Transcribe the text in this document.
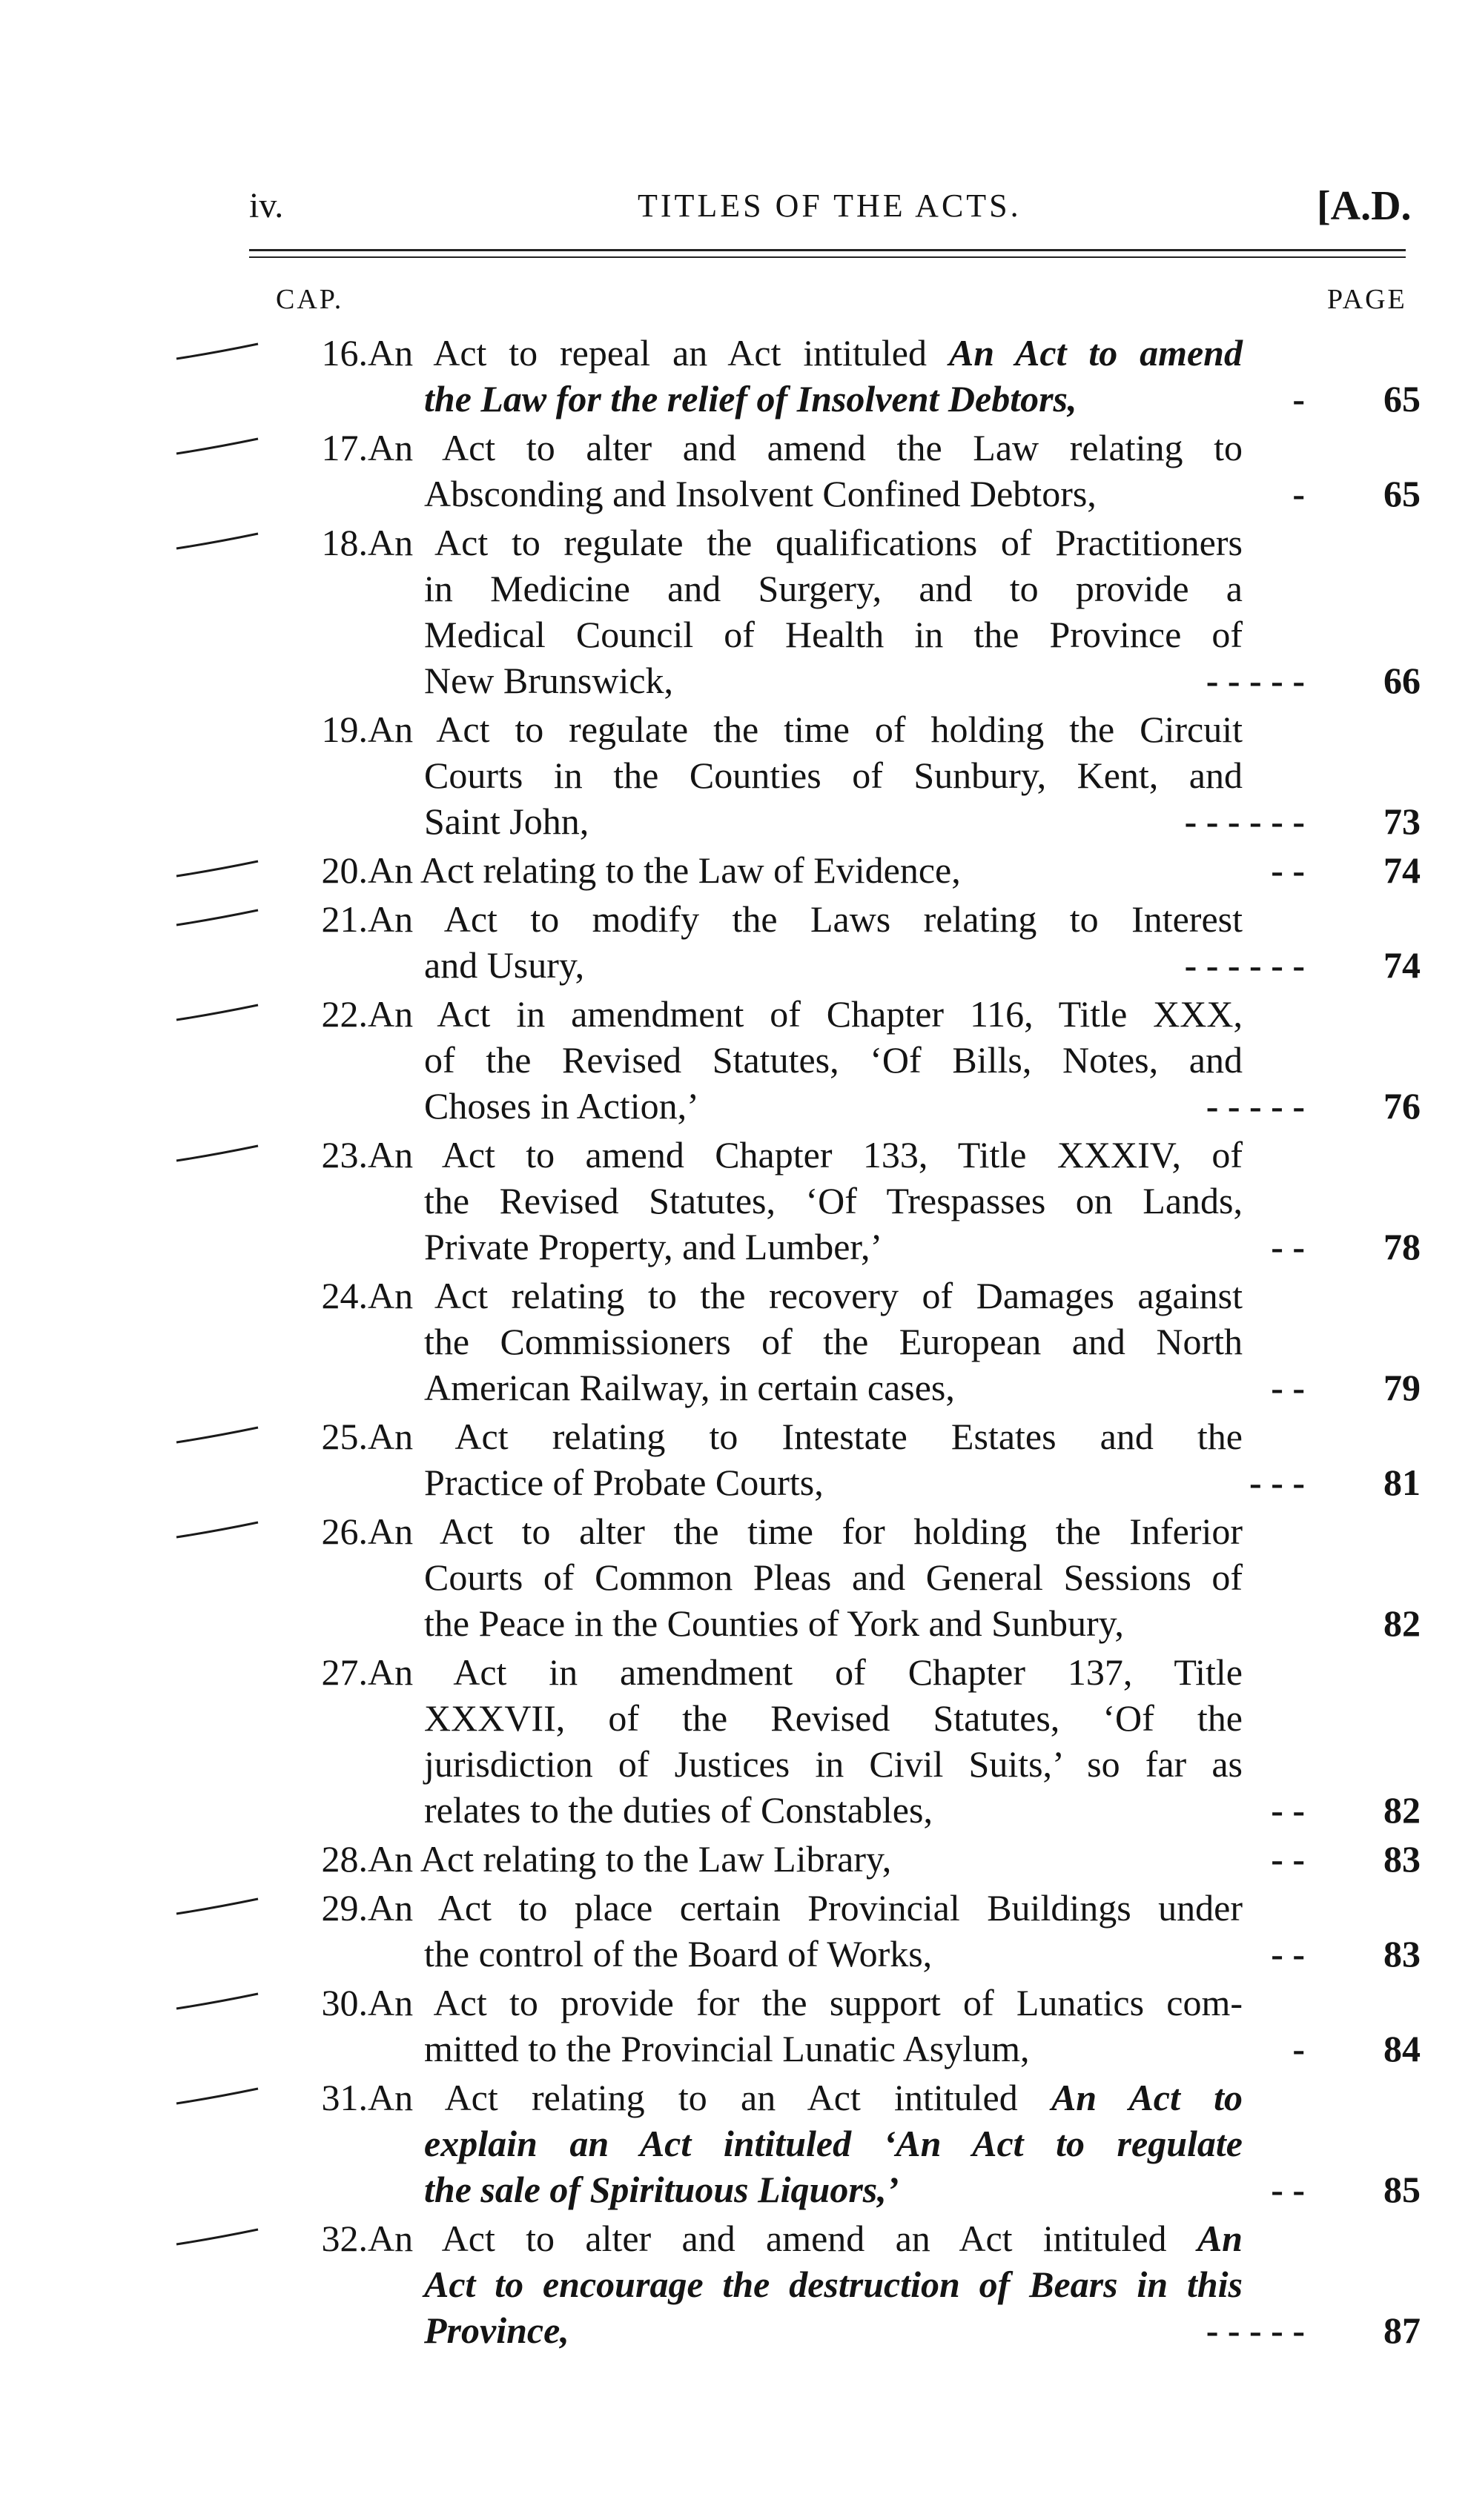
iv.	TITLES OF THE ACTS.	[A.D.
CAP.	PAGE
16. An Act to repeal an Act intituled An Act to amend
the Law for the relief of Insolvent Debtors,	-	65
17. An Act to alter and amend the Law relating to
Absconding and Insolvent Confined Debtors,	-	65
18. An Act to regulate the qualifications of Practitioners
in Medicine and Surgery, and to provide a
Medical Council of Health in the Province of
New Brunswick,	- - - - -	66
19. An Act to regulate the time of holding the Circuit
Courts in the Counties of Sunbury, Kent, and
Saint John,	- - - - - -	73
20. An Act relating to the Law of Evidence,	- -	74
21. An Act to modify the Laws relating to Interest
and Usury,	- - - - - -	74
22. An Act in amendment of Chapter 116, Title XXX,
of the Revised Statutes, ‘Of Bills, Notes, and
Choses in Action,’	- - - - -	76
23. An Act to amend Chapter 133, Title XXXIV, of
the Revised Statutes, ‘Of Trespasses on Lands,
Private Property, and Lumber,’	- -	78
24. An Act relating to the recovery of Damages against
the Commissioners of the European and North
American Railway, in certain cases,	- -	79
25. An Act relating to Intestate Estates and the
Practice of Probate Courts,	- - -	81
26. An Act to alter the time for holding the Inferior
Courts of Common Pleas and General Sessions of
the Peace in the Counties of York and Sunbury,	82
27. An Act in amendment of Chapter 137, Title
XXXVII, of the Revised Statutes, ‘Of the
jurisdiction of Justices in Civil Suits,’ so far as
relates to the duties of Constables,	- -	82
28. An Act relating to the Law Library,	- -	83
29. An Act to place certain Provincial Buildings under
the control of the Board of Works,	- -	83
30. An Act to provide for the support of Lunatics com-
mitted to the Provincial Lunatic Asylum,	-	84
31. An Act relating to an Act intituled An Act to
explain an Act intituled ‘An Act to regulate
the sale of Spirituous Liquors,’	- -	85
32. An Act to alter and amend an Act intituled An
Act to encourage the destruction of Bears in this
Province,	- - - - -	87
